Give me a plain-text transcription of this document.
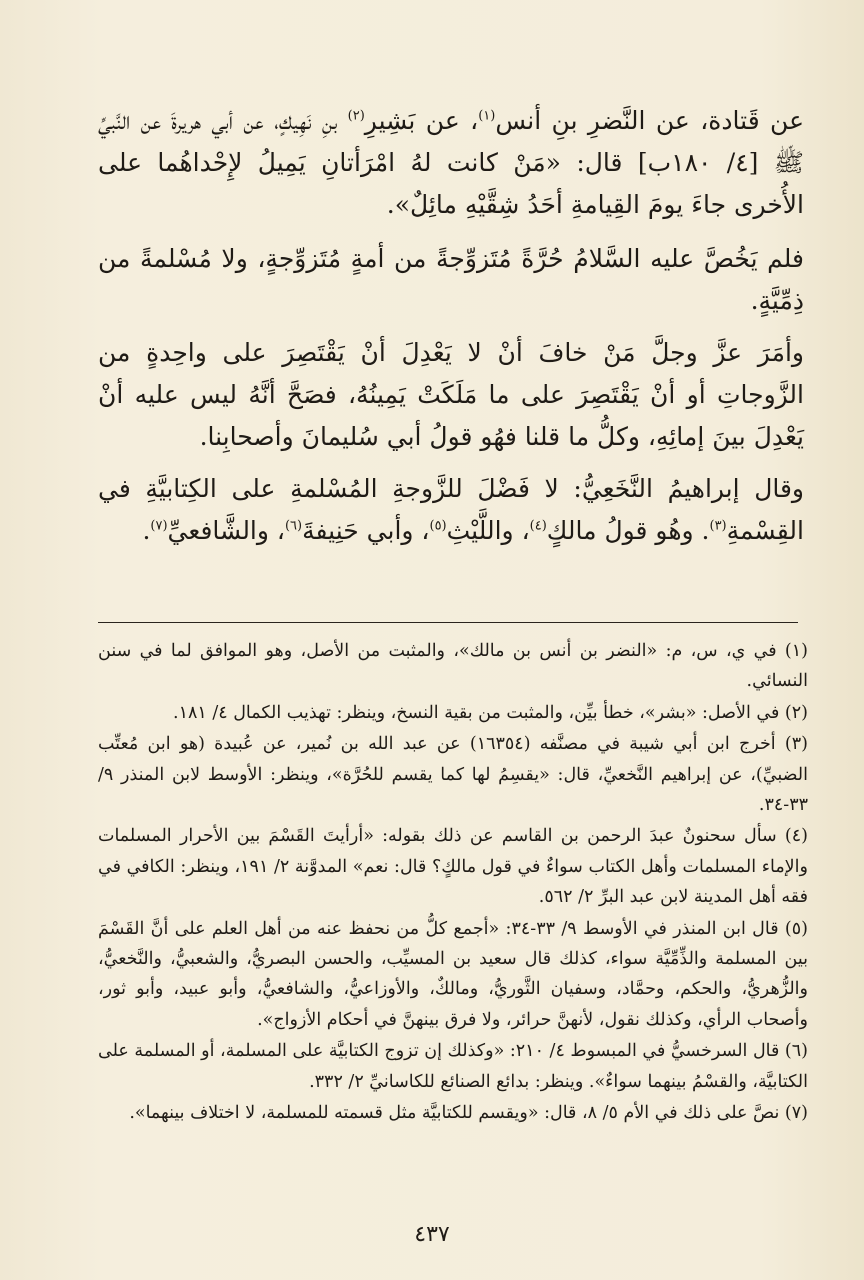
عن قَتادة، عن النَّضرِ بنِ أنس$^{(١)}$، عن بَشِيرِ$^{(٢)}$ بنِ نَهِيكٍ، عن أبي هريرةَ عن النَّبيِّ ﷺ [٤/ ١٨٠ب] قال: «مَنْ كانت لهُ امْرَأتانِ يَمِيلُ لإِحْداهُما على الأُخرى جاءَ يومَ القِيامةِ أحَدُ شِقَّيْهِ مائِلٌ».

فلم يَخُصَّ عليه السَّلامُ حُرَّةً مُتَزوِّجةً من أمةٍ مُتَزوِّجةٍ، ولا مُسْلمةً من ذِمِّيَّةٍ.

وأمَرَ عزَّ وجلَّ مَنْ خافَ أنْ لا يَعْدِلَ أنْ يَقْتَصِرَ على واحِدةٍ من الزَّوجاتِ أو أنْ يَقْتَصِرَ على ما مَلَكَتْ يَمِينُهُ، فصَحَّ أنَّهُ ليس عليه أنْ يَعْدِلَ بينَ إمائِهِ، وكلُّ ما قلنا فهُو قولُ أبي سُليمانَ وأصحابِنا.

وقال إبراهيمُ النَّخَعِيُّ: لا فَضْلَ للزَّوجةِ المُسْلمةِ على الكِتابيَّةِ في القِسْمةِ$^{(٣)}$. وهُو قولُ مالكٍ$^{(٤)}$، واللَّيْثِ$^{(٥)}$، وأبي حَنِيفةَ$^{(٦)}$، والشَّافعيِّ$^{(٧)}$.

(١) في ي، س، م: «النضر بن أنس بن مالك»، والمثبت من الأصل، وهو الموافق لما في سنن النسائي.

(٢) في الأصل: «بشر»، خطأ بيِّن، والمثبت من بقية النسخ، وينظر: تهذيب الكمال ٤/ ١٨١.

(٣) أخرج ابن أبي شيبة في مصنَّفه (١٦٣٥٤) عن عبد الله بن نُمير، عن عُبيدة (هو ابن مُعتِّب الضبيِّ)، عن إبراهيم النَّخعيِّ، قال: «يقسِمُ لها كما يقسم للحُرَّة»، وينظر: الأوسط لابن المنذر ٩/ ٣٣-٣٤.

(٤) سأل سحنونٌ عبدَ الرحمن بن القاسم عن ذلك بقوله: «أرأيتَ القَسْمَ بين الأحرار المسلمات والإماء المسلمات وأهل الكتاب سواءٌ في قول مالكٍ؟ قال: نعم» المدوَّنة ٢/ ١٩١، وينظر: الكافي في فقه أهل المدينة لابن عبد البرِّ ٢/ ٥٦٢.

(٥) قال ابن المنذر في الأوسط ٩/ ٣٣-٣٤: «أجمع كلُّ من نحفظ عنه من أهل العلم على أنَّ القَسْمَ بين المسلمة والذِّمِّيَّة سواء، كذلك قال سعيد بن المسيِّب، والحسن البصريُّ، والشعبيُّ، والنَّخعيُّ، والزُّهريُّ، والحكم، وحمَّاد، وسفيان الثَّوريُّ، ومالكٌ، والأوزاعيُّ، والشافعيُّ، وأبو عبيد، وأبو ثور، وأصحاب الرأي، وكذلك نقول، لأنهنَّ حرائر، ولا فرق بينهنَّ في أحكام الأزواج».

(٦) قال السرخسيُّ في المبسوط ٤/ ٢١٠: «وكذلك إن تزوج الكتابيَّة على المسلمة، أو المسلمة على الكتابيَّة، والقسْمُ بينهما سواءٌ». وينظر: بدائع الصنائع للكاسانيِّ ٢/ ٣٣٢.

(٧) نصَّ على ذلك في الأم ٥/ ٨، قال: «ويقسم للكتابيَّة مثل قسمته للمسلمة، لا اختلاف بينهما».

٤٣٧
